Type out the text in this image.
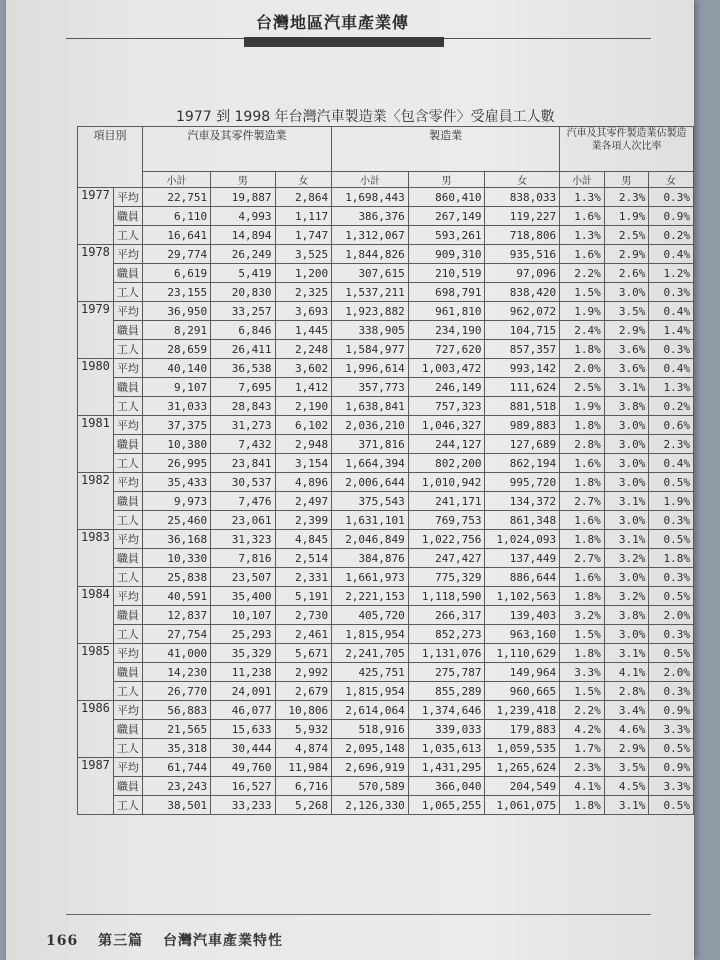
台灣地區汽車產業傳
1977 到 1998 年台灣汽車製造業〈包含零件〉受雇員工人數
項目別		汽車及其零件製造業			製造業			汽車及其零件製造業佔製造業各項人次比率		
		小計	男	女	小計	男	女	小計	男	女
1977	平均	22,751	19,887	2,864	1,698,443	860,410	838,033	1.3%	2.3%	0.3%
	職員	6,110	4,993	1,117	386,376	267,149	119,227	1.6%	1.9%	0.9%
	工人	16,641	14,894	1,747	1,312,067	593,261	718,806	1.3%	2.5%	0.2%
1978	平均	29,774	26,249	3,525	1,844,826	909,310	935,516	1.6%	2.9%	0.4%
	職員	6,619	5,419	1,200	307,615	210,519	97,096	2.2%	2.6%	1.2%
	工人	23,155	20,830	2,325	1,537,211	698,791	838,420	1.5%	3.0%	0.3%
1979	平均	36,950	33,257	3,693	1,923,882	961,810	962,072	1.9%	3.5%	0.4%
	職員	8,291	6,846	1,445	338,905	234,190	104,715	2.4%	2.9%	1.4%
	工人	28,659	26,411	2,248	1,584,977	727,620	857,357	1.8%	3.6%	0.3%
1980	平均	40,140	36,538	3,602	1,996,614	1,003,472	993,142	2.0%	3.6%	0.4%
	職員	9,107	7,695	1,412	357,773	246,149	111,624	2.5%	3.1%	1.3%
	工人	31,033	28,843	2,190	1,638,841	757,323	881,518	1.9%	3.8%	0.2%
1981	平均	37,375	31,273	6,102	2,036,210	1,046,327	989,883	1.8%	3.0%	0.6%
	職員	10,380	7,432	2,948	371,816	244,127	127,689	2.8%	3.0%	2.3%
	工人	26,995	23,841	3,154	1,664,394	802,200	862,194	1.6%	3.0%	0.4%
1982	平均	35,433	30,537	4,896	2,006,644	1,010,942	995,720	1.8%	3.0%	0.5%
	職員	9,973	7,476	2,497	375,543	241,171	134,372	2.7%	3.1%	1.9%
	工人	25,460	23,061	2,399	1,631,101	769,753	861,348	1.6%	3.0%	0.3%
1983	平均	36,168	31,323	4,845	2,046,849	1,022,756	1,024,093	1.8%	3.1%	0.5%
	職員	10,330	7,816	2,514	384,876	247,427	137,449	2.7%	3.2%	1.8%
	工人	25,838	23,507	2,331	1,661,973	775,329	886,644	1.6%	3.0%	0.3%
1984	平均	40,591	35,400	5,191	2,221,153	1,118,590	1,102,563	1.8%	3.2%	0.5%
	職員	12,837	10,107	2,730	405,720	266,317	139,403	3.2%	3.8%	2.0%
	工人	27,754	25,293	2,461	1,815,954	852,273	963,160	1.5%	3.0%	0.3%
1985	平均	41,000	35,329	5,671	2,241,705	1,131,076	1,110,629	1.8%	3.1%	0.5%
	職員	14,230	11,238	2,992	425,751	275,787	149,964	3.3%	4.1%	2.0%
	工人	26,770	24,091	2,679	1,815,954	855,289	960,665	1.5%	2.8%	0.3%
1986	平均	56,883	46,077	10,806	2,614,064	1,374,646	1,239,418	2.2%	3.4%	0.9%
	職員	21,565	15,633	5,932	518,916	339,033	179,883	4.2%	4.6%	3.3%
	工人	35,318	30,444	4,874	2,095,148	1,035,613	1,059,535	1.7%	2.9%	0.5%
1987	平均	61,744	49,760	11,984	2,696,919	1,431,295	1,265,624	2.3%	3.5%	0.9%
	職員	23,243	16,527	6,716	570,589	366,040	204,549	4.1%	4.5%	3.3%
	工人	38,501	33,233	5,268	2,126,330	1,065,255	1,061,075	1.8%	3.1%	0.5%
166 第三篇 台灣汽車產業特性
